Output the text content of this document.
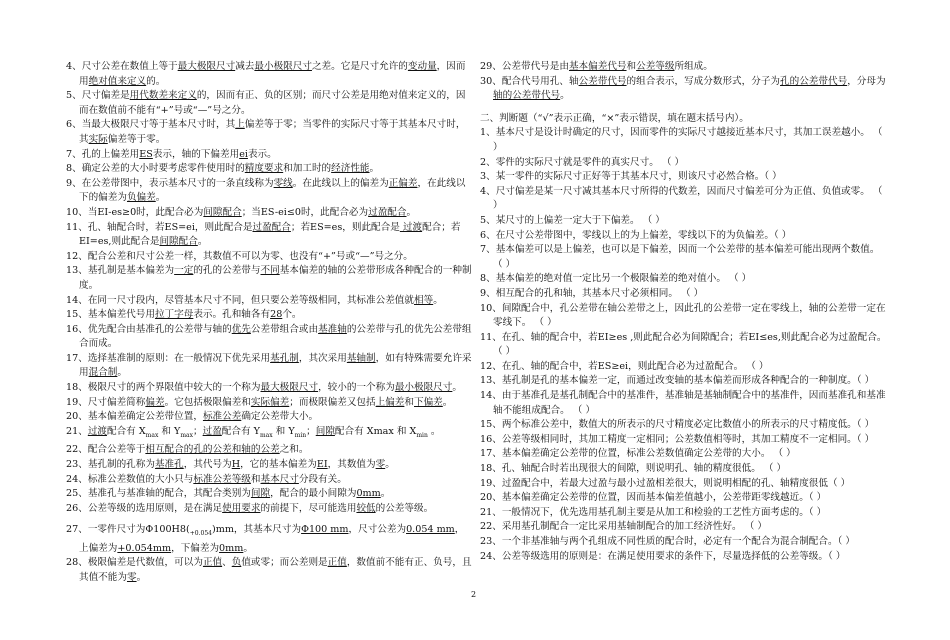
4、尺寸公差在数值上等于最大极限尺寸减去最小极限尺寸之差。它是尺寸允许的变动量，因而用绝对值来定义的。

5、尺寸偏差是用代数差来定义的，因而有正、负的区别；而尺寸公差是用绝对值来定义的，因而在数值前不能有“+”号或“—”号之分。

6、当最大极限尺寸等于基本尺寸时，其上偏差等于零；当零件的实际尺寸等于其基本尺寸时，其实际偏差等于零。

7、孔的上偏差用ES表示，轴的下偏差用ei表示。

8、确定公差的大小时要考虑零件使用时的精度要求和加工时的经济性能。

9、在公差带图中，表示基本尺寸的一条直线称为零线。在此线以上的偏差为正偏差，在此线以下的偏差为负偏差。

10、当EI-es≥0时，此配合必为间隙配合；当ES-ei≤0时，此配合必为过盈配合。

11、孔、轴配合时，若ES=ei，则此配合是过盈配合；若ES=es，则此配合是 过渡配合；若EI=es,则此配合是间隙配合。

12、配合公差和尺寸公差一样，其数值不可以为零、也没有“+”号或“—”号之分。

13、基孔制是基本偏差为一定的孔的公差带与不同基本偏差的轴的公差带形成各种配合的一种制度。

14、在同一尺寸段内，尽管基本尺寸不同，但只要公差等级相同，其标准公差值就相等。

15、基本偏差代号用拉丁字母表示。孔和轴各有28个。

16、优先配合由基准孔的公差带与轴的优先公差带组合或由基准轴的公差带与孔的优先公差带组合而成。

17、选择基准制的原则：在一般情况下优先采用基孔制，其次采用基轴制，如有特殊需要允许采用混合制。

18、极限尺寸的两个界限值中较大的一个称为最大极限尺寸，较小的一个称为最小极限尺寸。

19、尺寸偏差简称偏差。它包括极限偏差和实际偏差；而极限偏差又包括上偏差和下偏差。

20、基本偏差确定公差带位置，标准公差确定公差带大小。

21、过渡配合有 $X_{max}$ 和 $Y_{max}$；过盈配合有 $Y_{max}$ 和 $Y_{min}$；间隙配合有 Xmax 和 $X_{min}$ 。

22、配合公差等于相互配合的孔的公差和轴的公差之和。

23、基孔制的孔称为基准孔，其代号为H，它的基本偏差为EI，其数值为零。

24、标准公差数值的大小只与标准公差等级和基本尺寸分段有关。

25、基准孔与基准轴的配合，其配合类别为间隙，配合的最小间隙为0mm。

26、公差等级的选用原则，是在满足使用要求的前提下，尽可能选用较低的公差等级。

27、一零件尺寸为$\Phi 100H8(_{+0.054})mm$，其基本尺寸为Φ100 mm，尺寸公差为0.054 mm，上偏差为+0.054mm，下偏差为0mm。

28、极限偏差是代数值，可以为正值、负值或零；而公差则是正值，数值前不能有正、负号，且其值不能为零。

29、公差带代号是由基本偏差代号和公差等级所组成。

30、配合代号用孔、轴公差带代号的组合表示，写成分数形式，分子为孔的公差带代号，分母为轴的公差带代号。

二、判断题（“√”表示正确，“×”表示错误，填在题末括号内）。

1、基本尺寸是设计时确定的尺寸，因而零件的实际尺寸越接近基本尺寸，其加工误差越小。 （ ）

2、零件的实际尺寸就是零件的真实尺寸。 （ ）

3、某一零件的实际尺寸正好等于其基本尺寸，则该尺寸必然合格。（ ）

4、尺寸偏差是某一尺寸减其基本尺寸所得的代数差，因而尺寸偏差可分为正值、负值或零。 （ ）

5、某尺寸的上偏差一定大于下偏差。 （ ）

6、在尺寸公差带图中，零线以上的为上偏差，零线以下的为负偏差。（ ）

7、基本偏差可以是上偏差，也可以是下偏差，因而一个公差带的基本偏差可能出现两个数值。 （ ）

8、基本偏差的绝对值一定比另一个极限偏差的绝对值小。 （ ）

9、相互配合的孔和轴，其基本尺寸必须相同。 （ ）

10、间隙配合中，孔公差带在轴公差带之上，因此孔的公差带一定在零线上，轴的公差带一定在零线下。 （ ）

11、在孔、轴的配合中，若EI≥es ,则此配合必为间隙配合；若EI≤es,则此配合必为过盈配合。 （ ）

12、在孔、轴的配合中，若ES≥ei，则此配合必为过盈配合。 （ ）

13、基孔制是孔的基本偏差一定，而通过改变轴的基本偏差而形成各种配合的一种制度。（ ）

14、由于基准孔是基孔制配合中的基准件，基准轴是基轴制配合中的基准件，因而基准孔和基准轴不能组成配合。 （ ）

15、两个标准公差中，数值大的所表示的尺寸精度必定比数值小的所表示的尺寸精度低。（ ）

16、公差等级相同时，其加工精度一定相同；公差数值相等时，其加工精度不一定相同。（ ）

17、基本偏差确定公差带的位置，标准公差数值确定公差带的大小。 （ ）

18、孔、轴配合时若出现很大的间隙，则说明孔、轴的精度很低。 （ ）

19、过盈配合中，若最大过盈与最小过盈相差很大，则说明相配的孔、轴精度很低（ ）

20、基本偏差确定公差带的位置，因而基本偏差值越小，公差带距零线越近。（ ）

21、一般情况下，优先选用基孔制主要是从加工和检验的工艺性方面考虑的。（ ）

22、采用基孔制配合一定比采用基轴制配合的加工经济性好。 （ ）

23、一个非基准轴与两个孔组成不同性质的配合时，必定有一个配合为混合制配合。（ ）

24、公差等级选用的原则是：在满足使用要求的条件下，尽量选择低的公差等级。（ ）

2
